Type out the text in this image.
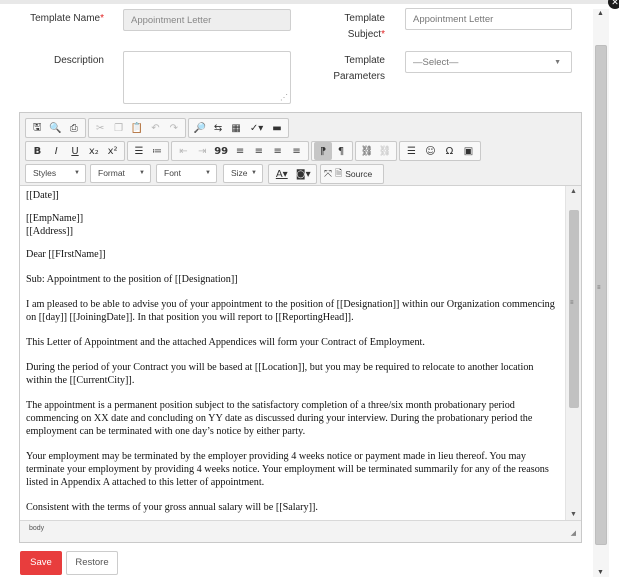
✕
Template Name*	Appointment Letter	Template
Subject*
Appointment Letter
Description
⋰
Template
Parameters
—Select—	▼
🖫 🔍 ⎙	✂ ❐ 📋 ↶	↷	🔎 ⇆ ▦ ✓▾ ▬
B	I	U	x₂ x²	☰ ≔	⇤	⇥ 99 ≡	≡	≡	≡	⁋	¶	⛓ ⛓	☰ ☺ Ω	▣
Styles	▼	Format ▼	Font	▼	Size ▼	A▾ ◙▾	⤧ 🗎 Source

[[Date]]

[[EmpName]]

[[Address]]

Dear [[FIrstName]]

Sub: Appointment to the position of [[Designation]]

I am pleased to be able to advise you of your appointment to the position of [[Designation]] within our Organization commencing on [[day]] [[JoiningDate]]. In that position you will report to [[ReportingHead]].

This Letter of Appointment and the attached Appendices will form your Contract of Employment.

During the period of your Contract you will be based at [[Location]], but you may be required to relocate to another location within the [[CurrentCity]].

The appointment is a permanent position subject to the satisfactory completion of a three/six month probationary period commencing on XX date and concluding on YY date as discussed during your interview. During the probationary period the employment can be terminated with one day’s notice by either party.

Your employment may be terminated by the employer providing 4 weeks notice or payment made in lieu thereof. You may terminate your employment by providing 4 weeks notice. Your employment will be terminated summarily for any of the reasons listed in Appendix A attached to this letter of appointment.

Consistent with the terms of your gross annual salary will be [[Salary]].

▲
≡
▼
body
◢
Save	Restore
▲
≡
▼
